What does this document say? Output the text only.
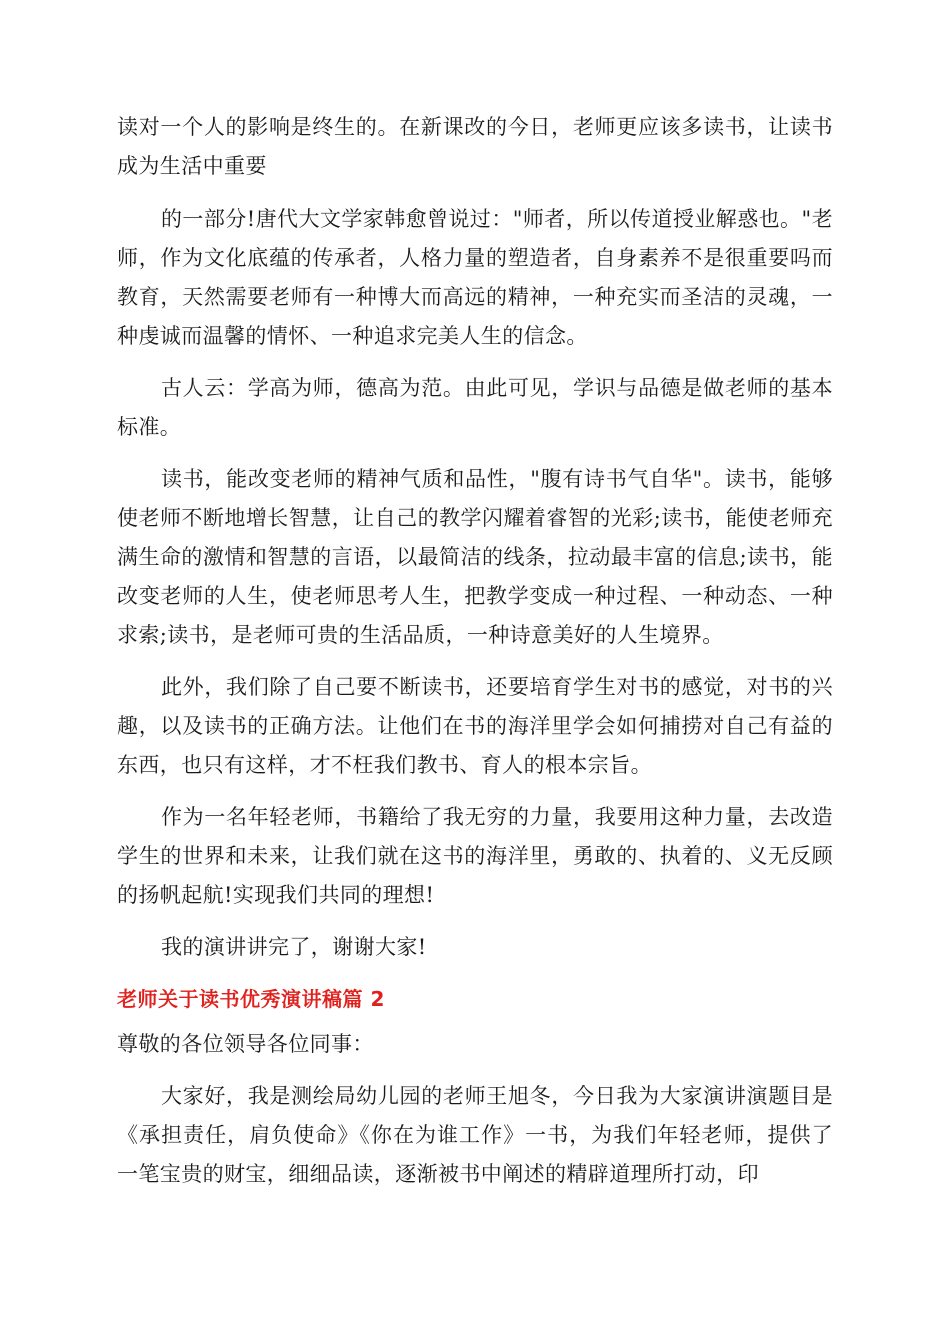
读对一个人的影响是终生的。在新课改的今日，老师更应该多读书，让读书成为生活中重要

的一部分!唐代大文学家韩愈曾说过："师者，所以传道授业解惑也。"老师，作为文化底蕴的传承者，人格力量的塑造者，自身素养不是很重要吗而教育，天然需要老师有一种博大而高远的精神，一种充实而圣洁的灵魂，一种虔诚而温馨的情怀、一种追求完美人生的信念。

古人云：学高为师，德高为范。由此可见，学识与品德是做老师的基本标准。

读书，能改变老师的精神气质和品性，"腹有诗书气自华"。读书，能够使老师不断地增长智慧，让自己的教学闪耀着睿智的光彩;读书，能使老师充满生命的激情和智慧的言语，以最简洁的线条，拉动最丰富的信息;读书，能改变老师的人生，使老师思考人生，把教学变成一种过程、一种动态、一种求索;读书，是老师可贵的生活品质，一种诗意美好的人生境界。

此外，我们除了自己要不断读书，还要培育学生对书的感觉，对书的兴趣，以及读书的正确方法。让他们在书的海洋里学会如何捕捞对自己有益的东西，也只有这样，才不枉我们教书、育人的根本宗旨。

作为一名年轻老师，书籍给了我无穷的力量，我要用这种力量，去改造学生的世界和未来，让我们就在这书的海洋里，勇敢的、执着的、义无反顾的扬帆起航!实现我们共同的理想!

我的演讲讲完了，谢谢大家!

老师关于读书优秀演讲稿篇 2

尊敬的各位领导各位同事：

大家好，我是测绘局幼儿园的老师王旭冬，今日我为大家演讲演题目是《承担责任，肩负使命》《你在为谁工作》一书，为我们年轻老师，提供了一笔宝贵的财宝，细细品读，逐渐被书中阐述的精辟道理所打动，印
